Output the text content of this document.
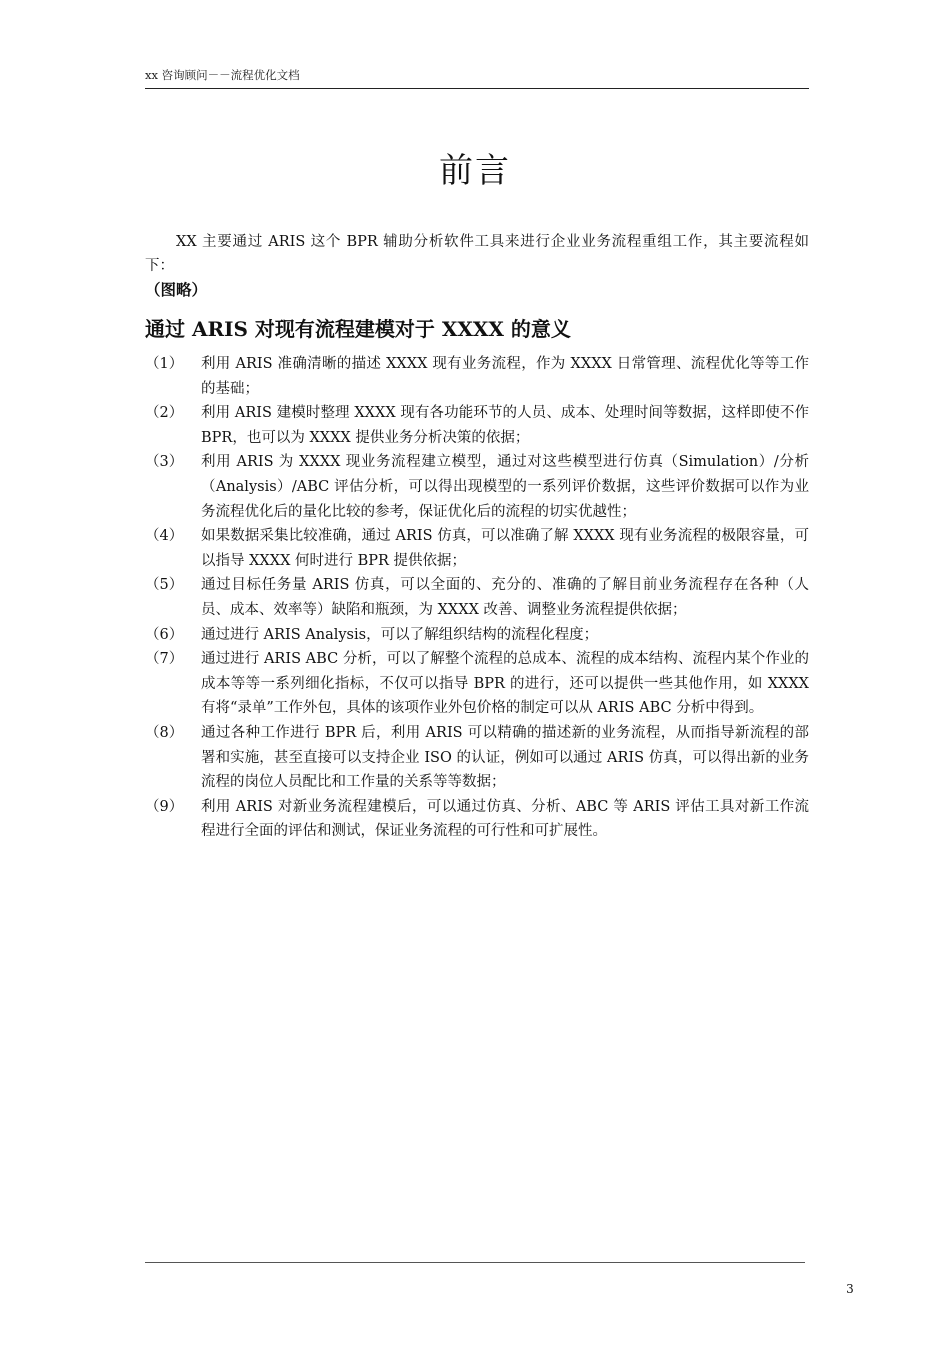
xx 咨询顾问－－流程优化文档
前言

XX 主要通过 ARIS 这个 BPR 辅助分析软件工具来进行企业业务流程重组工作，其主要流程如下：

（图略）
通过 ARIS 对现有流程建模对于 XXXX 的意义
（1）	利用 ARIS 准确清晰的描述 XXXX 现有业务流程，作为 XXXX 日常管理、流程优化等等工作的基础；
（2）	利用 ARIS 建模时整理 XXXX 现有各功能环节的人员、成本、处理时间等数据，这样即使不作 BPR，也可以为 XXXX 提供业务分析决策的依据；
（3）	利用 ARIS 为 XXXX 现业务流程建立模型，通过对这些模型进行仿真（Simulation）/分析（Analysis）/ABC 评估分析，可以得出现模型的一系列评价数据，这些评价数据可以作为业务流程优化后的量化比较的参考，保证优化后的流程的切实优越性；
（4）	如果数据采集比较准确，通过 ARIS 仿真，可以准确了解 XXXX 现有业务流程的极限容量，可以指导 XXXX 何时进行 BPR 提供依据；
（5）	通过目标任务量 ARIS 仿真，可以全面的、充分的、准确的了解目前业务流程存在各种（人员、成本、效率等）缺陷和瓶颈，为 XXXX 改善、调整业务流程提供依据；
（6）	通过进行 ARIS Analysis，可以了解组织结构的流程化程度；
（7）	通过进行 ARIS ABC 分析，可以了解整个流程的总成本、流程的成本结构、流程内某个作业的成本等等一系列细化指标，不仅可以指导 BPR 的进行，还可以提供一些其他作用，如 XXXX 有将“录单”工作外包，具体的该项作业外包价格的制定可以从 ARIS ABC 分析中得到。
（8）	通过各种工作进行 BPR 后，利用 ARIS 可以精确的描述新的业务流程，从而指导新流程的部署和实施，甚至直接可以支持企业 ISO 的认证，例如可以通过 ARIS 仿真，可以得出新的业务流程的岗位人员配比和工作量的关系等等数据；
（9）	利用 ARIS 对新业务流程建模后，可以通过仿真、分析、ABC 等 ARIS 评估工具对新工作流程进行全面的评估和测试，保证业务流程的可行性和可扩展性。
3
